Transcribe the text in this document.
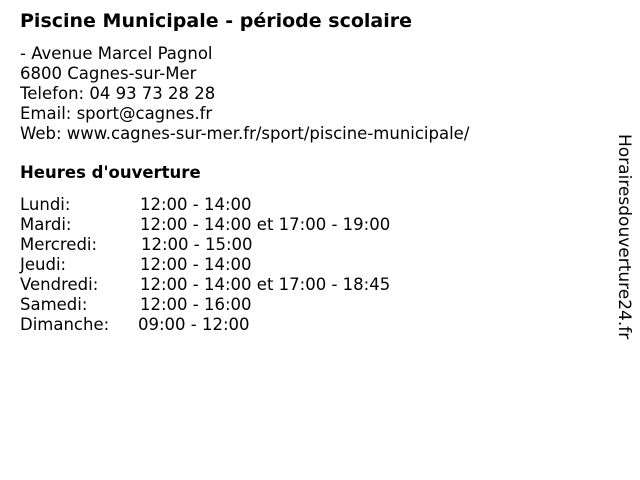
Piscine Municipale - période scolaire
- Avenue Marcel Pagnol
6800 Cagnes-sur-Mer
Telefon: 04 93 73 28 28
Email: sport@cagnes.fr
Web: www.cagnes-sur-mer.fr/sport/piscine-municipale/
Heures d'ouverture
Lundi:	12:00 - 14:00
Mardi:	12:00 - 14:00 et 17:00 - 19:00
Mercredi:	12:00 - 15:00
Jeudi:	12:00 - 14:00
Vendredi:	12:00 - 14:00 et 17:00 - 18:45
Samedi:	12:00 - 16:00
Dimanche: 09:00 - 12:00	Horairesdouverture24.fr
